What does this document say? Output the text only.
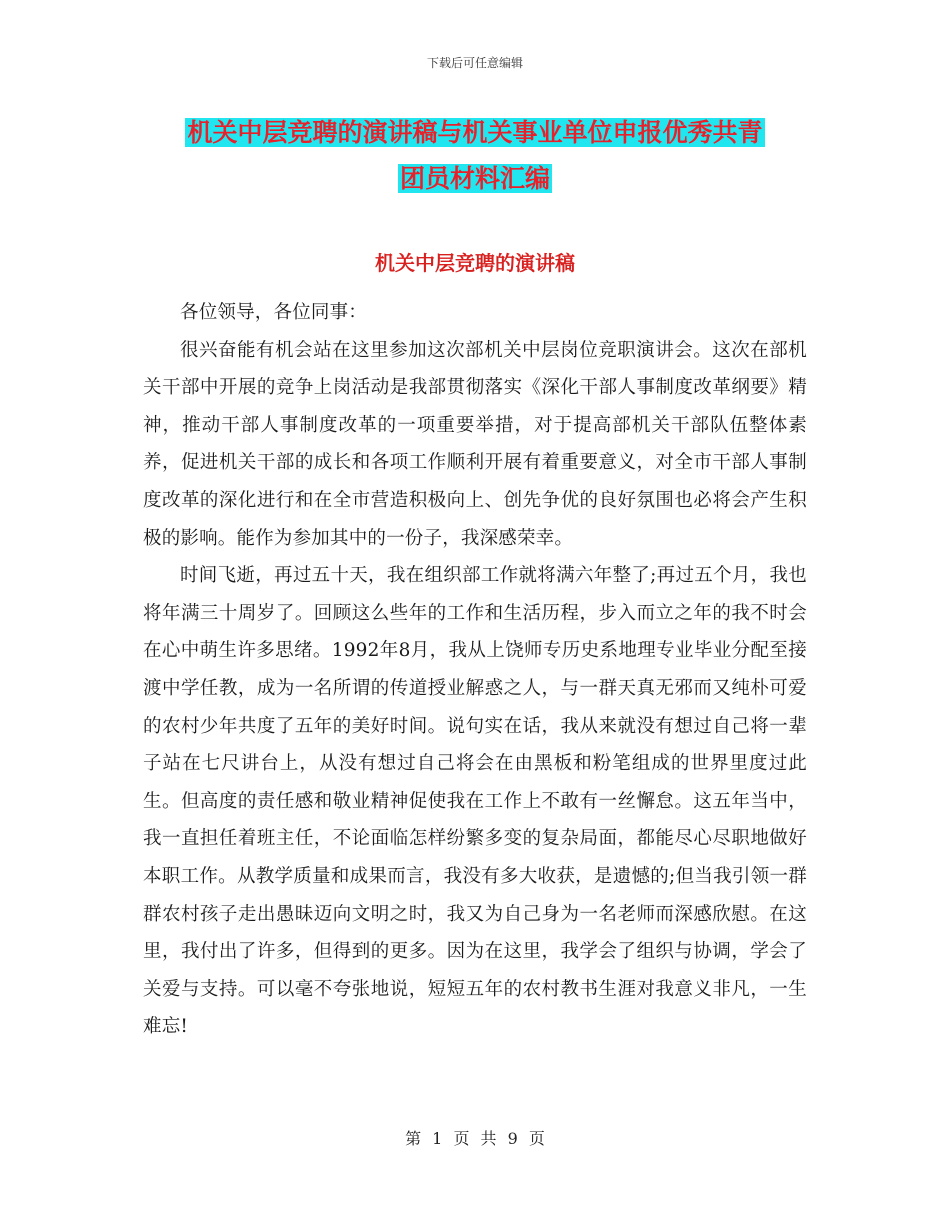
下载后可任意编辑
机关中层竞聘的演讲稿与机关事业单位申报优秀共青
团员材料汇编
机关中层竞聘的演讲稿

各位领导，各位同事：

很兴奋能有机会站在这里参加这次部机关中层岗位竞职演讲会。这次在部机关干部中开展的竞争上岗活动是我部贯彻落实《深化干部人事制度改革纲要》精神，推动干部人事制度改革的一项重要举措，对于提高部机关干部队伍整体素养，促进机关干部的成长和各项工作顺利开展有着重要意义，对全市干部人事制度改革的深化进行和在全市营造积极向上、创先争优的良好氛围也必将会产生积极的影响。能作为参加其中的一份子，我深感荣幸。

时间飞逝，再过五十天，我在组织部工作就将满六年整了;再过五个月，我也将年满三十周岁了。回顾这么些年的工作和生活历程，步入而立之年的我不时会在心中萌生许多思绪。1992年8月，我从上饶师专历史系地理专业毕业分配至接渡中学任教，成为一名所谓的传道授业解惑之人，与一群天真无邪而又纯朴可爱的农村少年共度了五年的美好时间。说句实在话，我从来就没有想过自己将一辈子站在七尺讲台上，从没有想过自己将会在由黑板和粉笔组成的世界里度过此生。但高度的责任感和敬业精神促使我在工作上不敢有一丝懈怠。这五年当中，我一直担任着班主任，不论面临怎样纷繁多变的复杂局面，都能尽心尽职地做好本职工作。从教学质量和成果而言，我没有多大收获，是遗憾的;但当我引领一群群农村孩子走出愚昧迈向文明之时，我又为自己身为一名老师而深感欣慰。在这里，我付出了许多，但得到的更多。因为在这里，我学会了组织与协调，学会了关爱与支持。可以毫不夸张地说，短短五年的农村教书生涯对我意义非凡，一生难忘!

第 1 页 共 9 页
